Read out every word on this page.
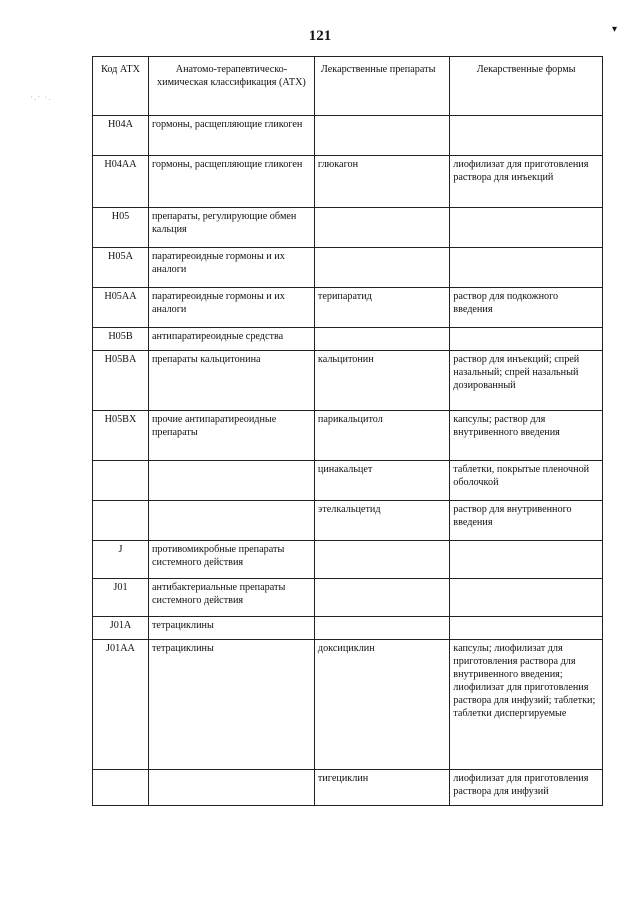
121	▾
·.· ·.
Код АТХ	Анатомо-терапевтическо-химическая классификация (АТХ)	Лекарственные препараты	Лекарственные формы
H04A	гормоны, расщепляющие гликоген		
H04AA	гормоны, расщепляющие гликоген	глюкагон	лиофилизат для приготовления раствора для инъекций
H05	препараты, регулирующие обмен кальция		
H05A	паратиреоидные гормоны и их аналоги		
H05AA	паратиреоидные гормоны и их аналоги	терипаратид	раствор для подкожного введения
H05B	антипаратиреоидные средства		
H05BA	препараты кальцитонина	кальцитонин	раствор для инъекций; спрей назальный; спрей назальный дозированный
H05BX	прочие антипаратиреоидные препараты	парикальцитол	капсулы; раствор для внутривенного введения
		цинакальцет	таблетки, покрытые пленочной оболочкой
		этелкальцетид	раствор для внутривенного введения
J	противомикробные препараты системного действия		
J01	антибактериальные препараты системного действия		
J01A	тетрациклины		
J01AA	тетрациклины	доксициклин	капсулы; лиофилизат для приготовления раствора для внутривенного введения; лиофилизат для приготовления раствора для инфузий; таблетки; таблетки диспергируемые
		тигециклин	лиофилизат для приготовления раствора для инфузий
